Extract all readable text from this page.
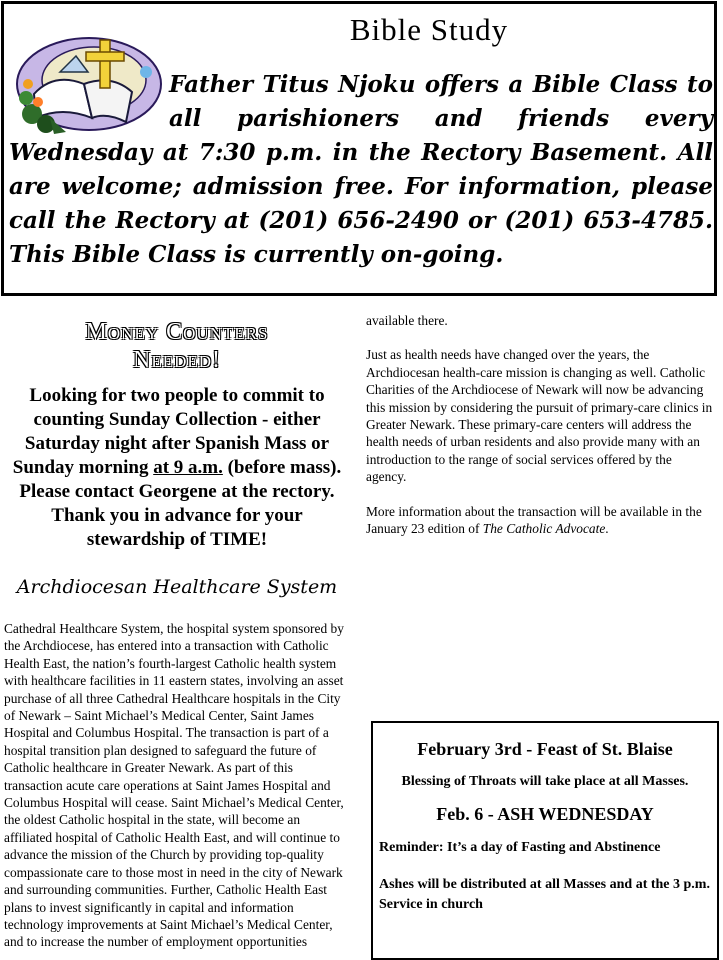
Bible Study

Father Titus Njoku offers a Bible Class to all parishioners and friends every Wednesday at 7:30 p.m. in the Rectory Basement. All are welcome; admission free. For information, please call the Rectory at (201) 656-2490 or (201) 653-4785. This Bible Class is currently on-going.

Money Counters
Needed!

Looking for two people to commit to counting Sunday Collection - either Saturday night after Spanish Mass or Sunday morning at 9 a.m. (before mass).
Please contact Georgene at the rectory. Thank you in advance for your stewardship of TIME!

Archdiocesan Healthcare System

Cathedral Healthcare System, the hospital system sponsored by the Archdiocese, has entered into a transaction with Catholic Health East, the nation’s fourth-largest Catholic health system with healthcare facilities in 11 eastern states, involving an asset purchase of all three Cathedral Healthcare hospitals in the City of Newark – Saint Michael’s Medical Center, Saint James Hospital and Columbus Hospital. The transaction is part of a hospital transition plan designed to safeguard the future of Catholic healthcare in Greater Newark. As part of this transaction acute care operations at Saint James Hospital and Columbus Hospital will cease. Saint Michael’s Medical Center, the oldest Catholic hospital in the state, will become an affiliated hospital of Catholic Health East, and will continue to advance the mission of the Church by providing top-quality compassionate care to those most in need in the city of Newark and surrounding communities. Further, Catholic Health East plans to invest significantly in capital and information technology improvements at Saint Michael’s Medical Center, and to increase the number of employment opportunities

available there.

Just as health needs have changed over the years, the Archdiocesan health-care mission is changing as well. Catholic Charities of the Archdiocese of Newark will now be advancing this mission by considering the pursuit of primary-care clinics in Greater Newark. These primary-care centers will address the health needs of urban residents and also provide many with an introduction to the range of social services offered by the agency.

More information about the transaction will be available in the January 23 edition of The Catholic Advocate.

February 3rd - Feast of St. Blaise
Blessing of Throats will take place at all Masses.
Feb. 6 - ASH WEDNESDAY
Reminder: It’s a day of Fasting and Abstinence
Ashes will be distributed at all Masses and at the 3 p.m. Service in church
